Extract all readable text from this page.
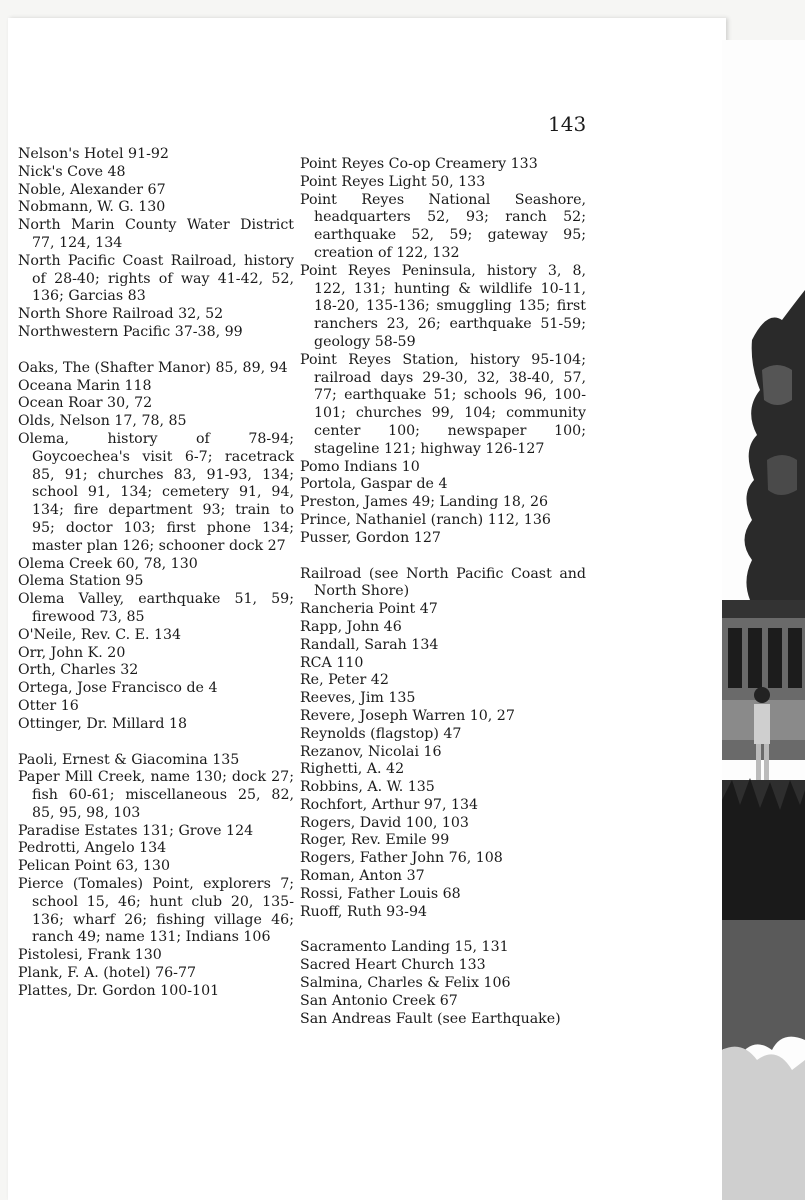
143
Nelson's Hotel 91-92
Nick's Cove 48
Noble, Alexander 67
Nobmann, W. G. 130
North Marin County Water District 77, 124, 134
North Pacific Coast Railroad, history of 28-40; rights of way 41-42, 52, 136; Garcias 83
North Shore Railroad 32, 52
Northwestern Pacific 37-38, 99
Oaks, The (Shafter Manor) 85, 89, 94
Oceana Marin 118
Ocean Roar 30, 72
Olds, Nelson 17, 78, 85
Olema, history of 78-94; Goycoechea's visit 6-7; racetrack 85, 91; churches 83, 91-93, 134; school 91, 134; cemetery 91, 94, 134; fire department 93; train to 95; doctor 103; first phone 134; master plan 126; schooner dock 27
Olema Creek 60, 78, 130
Olema Station 95
Olema Valley, earthquake 51, 59; firewood 73, 85
O'Neile, Rev. C. E. 134
Orr, John K. 20
Orth, Charles 32
Ortega, Jose Francisco de 4
Otter 16
Ottinger, Dr. Millard 18
Paoli, Ernest & Giacomina 135
Paper Mill Creek, name 130; dock 27; fish 60-61; miscellaneous 25, 82, 85, 95, 98, 103
Paradise Estates 131; Grove 124
Pedrotti, Angelo 134
Pelican Point 63, 130
Pierce (Tomales) Point, explorers 7; school 15, 46; hunt club 20, 135-136; wharf 26; fishing village 46; ranch 49; name 131; Indians 106
Pistolesi, Frank 130
Plank, F. A. (hotel) 76-77
Plattes, Dr. Gordon 100-101
Point Reyes Co-op Creamery 133
Point Reyes Light 50, 133
Point Reyes National Seashore, headquarters 52, 93; ranch 52; earthquake 52, 59; gateway 95; creation of 122, 132
Point Reyes Peninsula, history 3, 8, 122, 131; hunting & wildlife 10-11, 18-20, 135-136; smuggling 135; first ranchers 23, 26; earthquake 51-59; geology 58-59
Point Reyes Station, history 95-104; railroad days 29-30, 32, 38-40, 57, 77; earthquake 51; schools 96, 100-101; churches 99, 104; community center 100; newspaper 100; stageline 121; highway 126-127
Pomo Indians 10
Portola, Gaspar de 4
Preston, James 49; Landing 18, 26
Prince, Nathaniel (ranch) 112, 136
Pusser, Gordon 127
Railroad (see North Pacific Coast and North Shore)
Rancheria Point 47
Rapp, John 46
Randall, Sarah 134
RCA 110
Re, Peter 42
Reeves, Jim 135
Revere, Joseph Warren 10, 27
Reynolds (flagstop) 47
Rezanov, Nicolai 16
Righetti, A. 42
Robbins, A. W. 135
Rochfort, Arthur 97, 134
Rogers, David 100, 103
Roger, Rev. Emile 99
Rogers, Father John 76, 108
Roman, Anton 37
Rossi, Father Louis 68
Ruoff, Ruth 93-94
Sacramento Landing 15, 131
Sacred Heart Church 133
Salmina, Charles & Felix 106
San Antonio Creek 67
San Andreas Fault (see Earthquake)
